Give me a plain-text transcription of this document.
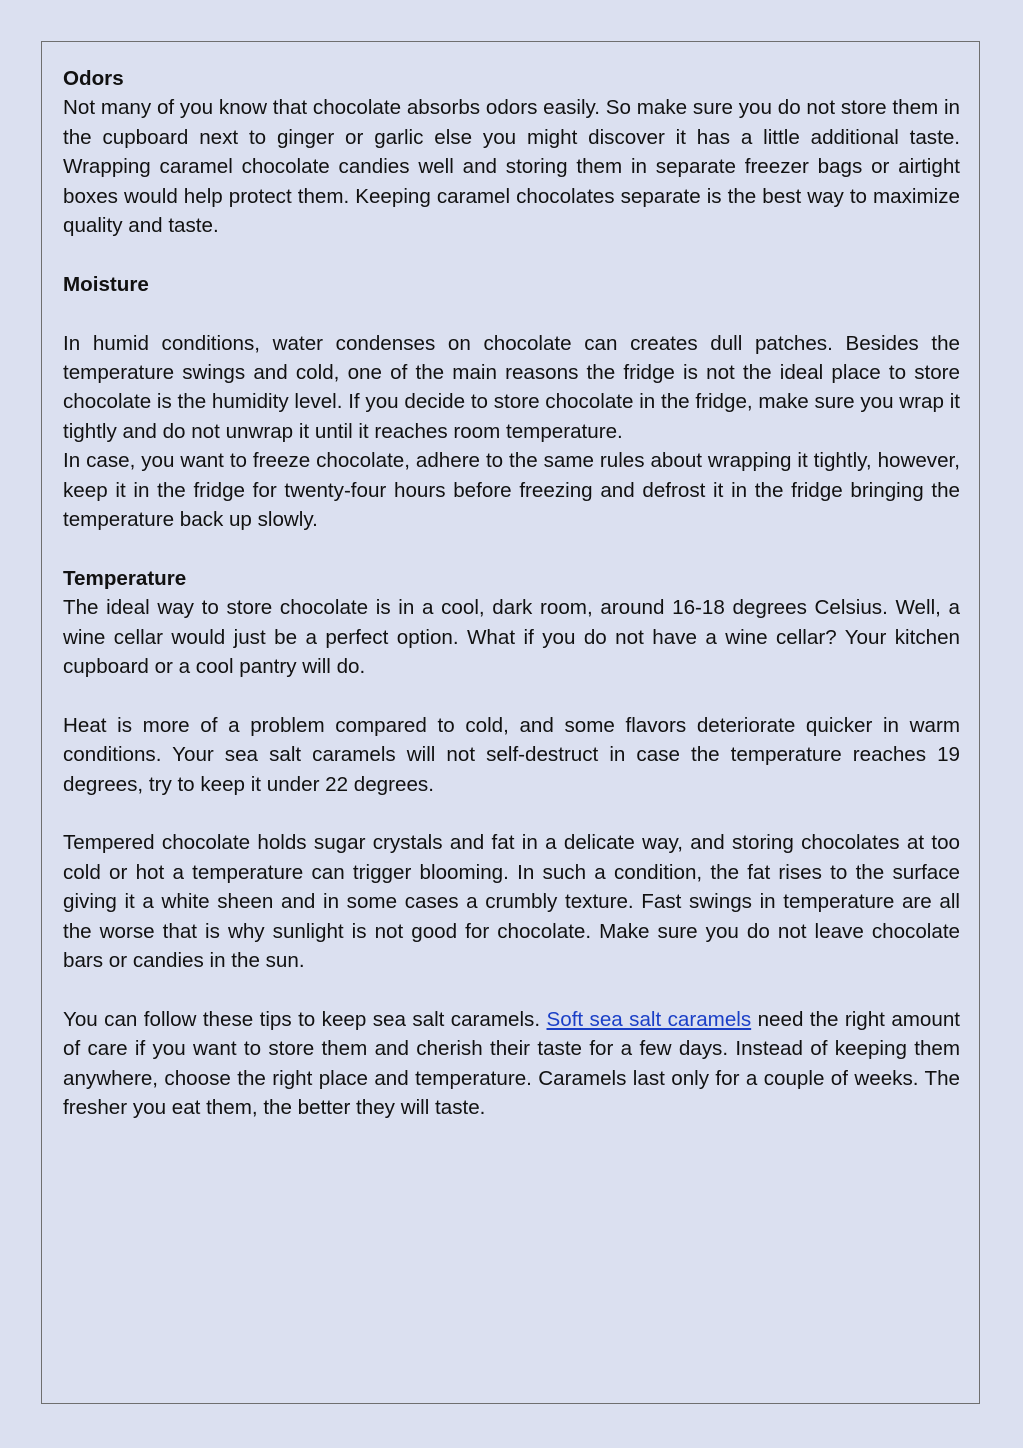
Odors

Not many of you know that chocolate absorbs odors easily. So make sure you do not store them in the cupboard next to ginger or garlic else you might discover it has a little additional taste. Wrapping caramel chocolate candies well and storing them in separate freezer bags or airtight boxes would help protect them. Keeping caramel chocolates separate is the best way to maximize quality and taste.

Moisture

In humid conditions, water condenses on chocolate can creates dull patches. Besides the temperature swings and cold, one of the main reasons the fridge is not the ideal place to store chocolate is the humidity level. If you decide to store chocolate in the fridge, make sure you wrap it tightly and do not unwrap it until it reaches room temperature.

In case, you want to freeze chocolate, adhere to the same rules about wrapping it tightly, however, keep it in the fridge for twenty-four hours before freezing and defrost it in the fridge bringing the temperature back up slowly.

Temperature

The ideal way to store chocolate is in a cool, dark room, around 16-18 degrees Celsius. Well, a wine cellar would just be a perfect option. What if you do not have a wine cellar? Your kitchen cupboard or a cool pantry will do.

Heat is more of a problem compared to cold, and some flavors deteriorate quicker in warm conditions. Your sea salt caramels will not self-destruct in case the temperature reaches 19 degrees, try to keep it under 22 degrees.

Tempered chocolate holds sugar crystals and fat in a delicate way, and storing chocolates at too cold or hot a temperature can trigger blooming. In such a condition, the fat rises to the surface giving it a white sheen and in some cases a crumbly texture. Fast swings in temperature are all the worse that is why sunlight is not good for chocolate. Make sure you do not leave chocolate bars or candies in the sun.

You can follow these tips to keep sea salt caramels. Soft sea salt caramels need the right amount of care if you want to store them and cherish their taste for a few days. Instead of keeping them anywhere, choose the right place and temperature. Caramels last only for a couple of weeks. The fresher you eat them, the better they will taste.
